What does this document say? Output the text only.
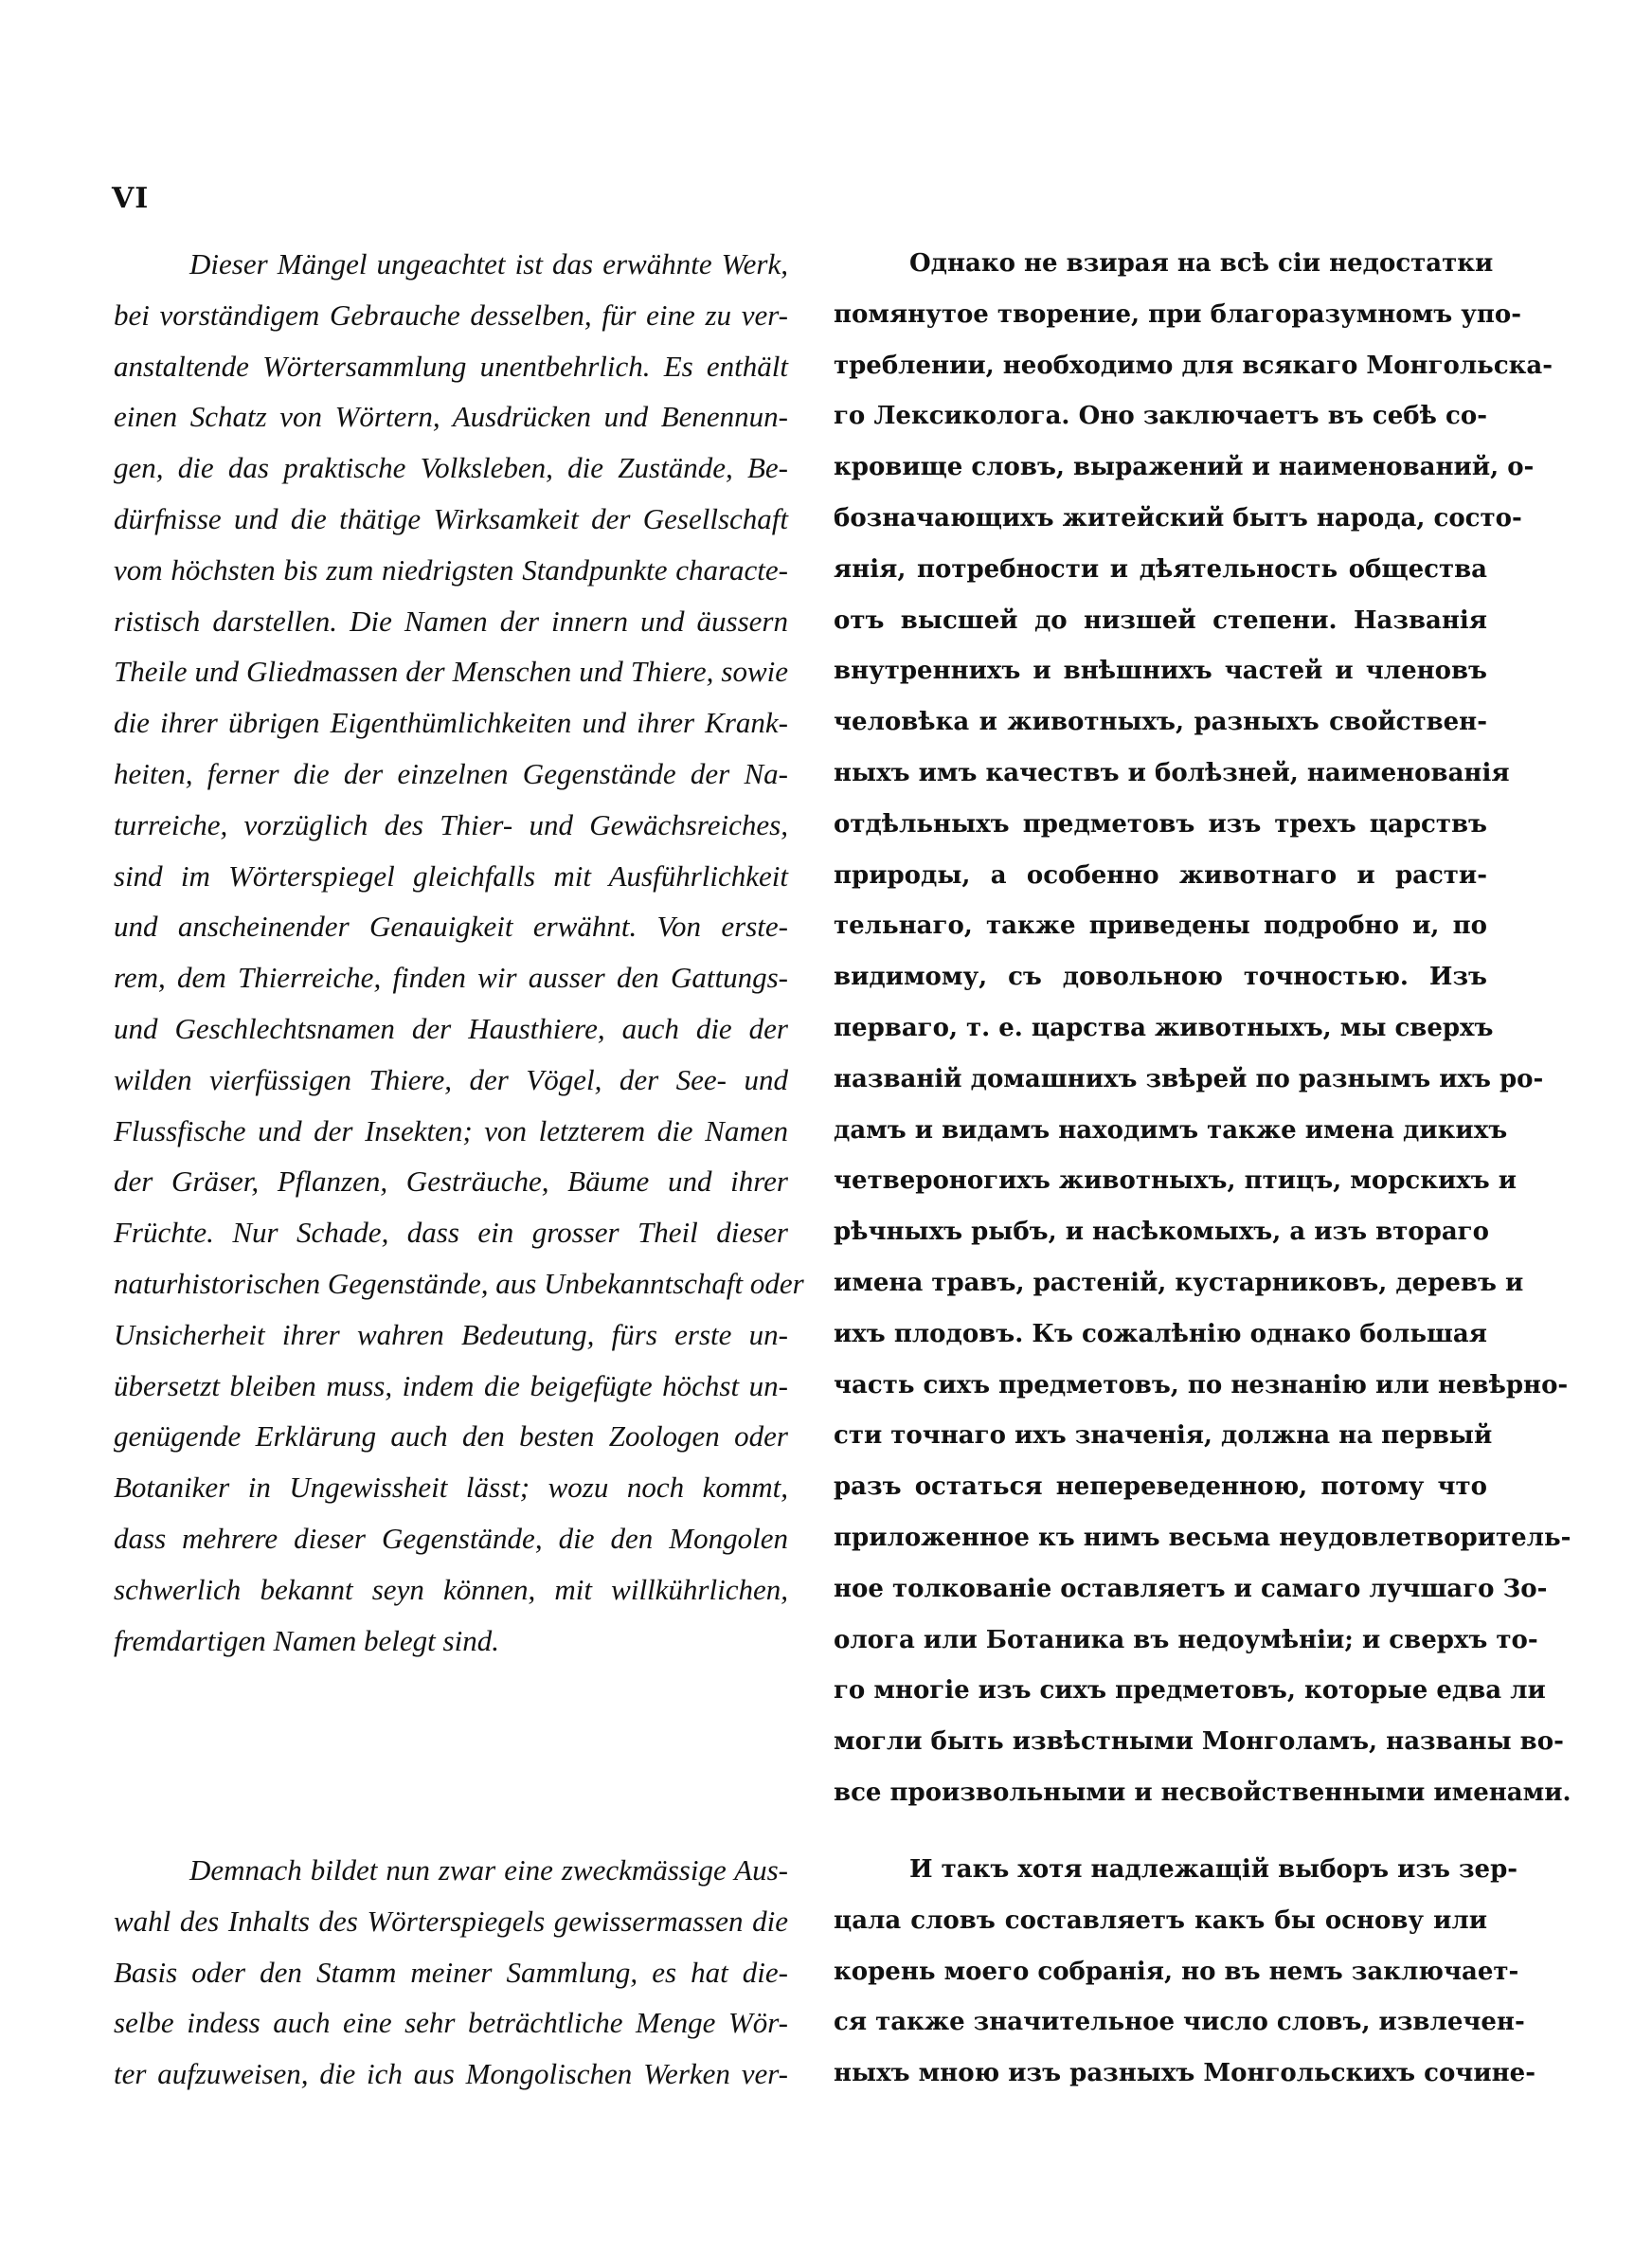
VI
Dieser Mängel ungeachtet ist das erwähnte Werk,
bei vorständigem Gebrauche desselben, für eine zu ver-
anstaltende Wörtersammlung unentbehrlich. Es enthält
einen Schatz von Wörtern, Ausdrücken und Benennun-
gen, die das praktische Volksleben, die Zustände, Be-
dürfnisse und die thätige Wirksamkeit der Gesellschaft
vom höchsten bis zum niedrigsten Standpunkte characte-
ristisch darstellen. Die Namen der innern und äussern
Theile und Gliedmassen der Menschen und Thiere, sowie
die ihrer übrigen Eigenthümlichkeiten und ihrer Krank-
heiten, ferner die der einzelnen Gegenstände der Na-
turreiche, vorzüglich des Thier- und Gewächsreiches,
sind im Wörterspiegel gleichfalls mit Ausführlichkeit
und anscheinender Genauigkeit erwähnt. Von erste-
rem, dem Thierreiche, finden wir ausser den Gattungs-
und Geschlechtsnamen der Hausthiere, auch die der
wilden vierfüssigen Thiere, der Vögel, der See- und
Flussfische und der Insekten; von letzterem die Namen
der Gräser, Pflanzen, Gesträuche, Bäume und ihrer
Früchte. Nur Schade, dass ein grosser Theil dieser
naturhistorischen Gegenstände, aus Unbekanntschaft oder
Unsicherheit ihrer wahren Bedeutung, fürs erste un-
übersetzt bleiben muss, indem die beigefügte höchst un-
genügende Erklärung auch den besten Zoologen oder
Botaniker in Ungewissheit lässt; wozu noch kommt,
dass mehrere dieser Gegenstände, die den Mongolen
schwerlich bekannt seyn können, mit willkührlichen,
fremdartigen Namen belegt sind.
Однако не взирая на всѣ сіи недостатки
помянутое творение, при благоразумномъ упо-
треблении, необходимо для всякаго Монгольска-
го Лексиколога. Оно заключаетъ въ себѣ со-
кровище словъ, выражений и наименований, о-
бозначающихъ житейский бытъ народа, состо-
янія, потребности и дѣятельность общества
отъ высшей до низшей степени. Названія
внутреннихъ и внѣшнихъ частей и членовъ
человѣка и животныхъ, разныхъ свойствен-
ныхъ имъ качествъ и болѣзней, наименованія
отдѣльныхъ предметовъ изъ трехъ царствъ
природы, а особенно животнаго и расти-
тельнаго, также приведены подробно и, по
видимому, съ довольною точностью. Изъ
перваго, т. е. царства животныхъ, мы сверхъ
названій домашнихъ звѣрей по разнымъ ихъ ро-
дамъ и видамъ находимъ также имена дикихъ
четвероногихъ животныхъ, птицъ, морскихъ и
рѣчныхъ рыбъ, и насѣкомыхъ, а изъ втораго
имена травъ, растеній, кустарниковъ, деревъ и
ихъ плодовъ. Къ сожалѣнію однако большая
часть сихъ предметовъ, по незнанію или невѣрно-
сти точнаго ихъ значенія, должна на первый
разъ остаться непереведенною, потому что
приложенное къ нимъ весьма неудовлетворитель-
ное толкованіе оставляетъ и самаго лучшаго Зо-
олога или Ботаника въ недоумѣніи; и сверхъ то-
го многіе изъ сихъ предметовъ, которые едва ли
могли быть извѣстными Монголамъ, названы во-
все произвольными и несвойственными именами.
Demnach bildet nun zwar eine zweckmässige Aus-
wahl des Inhalts des Wörterspiegels gewissermassen die
Basis oder den Stamm meiner Sammlung, es hat die-
selbe indess auch eine sehr beträchtliche Menge Wör-
ter aufzuweisen, die ich aus Mongolischen Werken ver-
И такъ хотя надлежащій выборъ изъ зер-
цала словъ составляетъ какъ бы основу или
корень моего собранія, но въ немъ заключает-
ся также значительное число словъ, извлечен-
ныхъ мною изъ разныхъ Монгольскихъ сочине-
